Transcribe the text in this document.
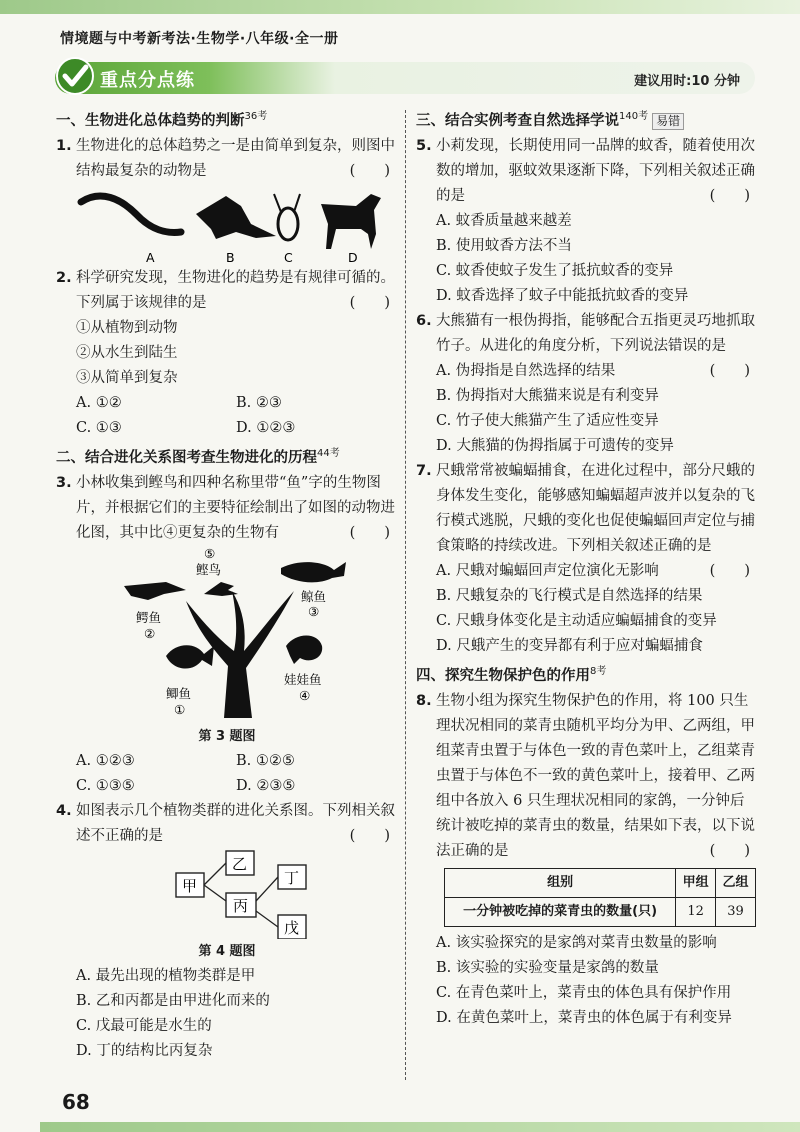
情境题与中考新考法·生物学·八年级·全一册
重点分点练	建议用时:10 分钟
一、生物进化总体趋势的判断$^{36考}$
1. 生物进化的总体趋势之一是由简单到复杂，则图中结构最复杂的动物是	(　　)
A	B	C	D
2. 科学研究发现，生物进化的趋势是有规律可循的。下列属于该规律的是	(　　)
①从植物到动物
②从水生到陆生
③从简单到复杂
A. ①②	B. ②③
C. ①③	D. ①②③
二、结合进化关系图考查生物进化的历程$^{44考}$
3. 小林收集到鲣鸟和四种名称里带“鱼”字的生物图片，并根据它们的主要特征绘制出了如图的动物进化图，其中比④更复杂的生物有	(　　)
⑤
鲣鸟
鲸鱼
③
鳄鱼
②
娃娃鱼
④
鲫鱼
①
第 3 题图
A. ①②③	B. ①②⑤
C. ①③⑤	D. ②③⑤
4. 如图表示几个植物类群的进化关系图。下列相关叙述不正确的是	(　　)
甲
乙
丙
丁
戊
第 4 题图
A. 最先出现的植物类群是甲
B. 乙和丙都是由甲进化而来的
C. 戊最可能是水生的
D. 丁的结构比丙复杂
三、结合实例考查自然选择学说$^{140考}$ 易错
5. 小莉发现，长期使用同一品牌的蚊香，随着使用次数的增加，驱蚊效果逐渐下降，下列相关叙述正确的是	(　　)
A. 蚊香质量越来越差
B. 使用蚊香方法不当
C. 蚊香使蚊子发生了抵抗蚊香的变异
D. 蚊香选择了蚊子中能抵抗蚊香的变异
6. 大熊猫有一根伪拇指，能够配合五指更灵巧地抓取竹子。从进化的角度分析，下列说法错误的是
(　　)
A. 伪拇指是自然选择的结果
B. 伪拇指对大熊猫来说是有利变异
C. 竹子使大熊猫产生了适应性变异
D. 大熊猫的伪拇指属于可遗传的变异
7. 尺蛾常常被蝙蝠捕食，在进化过程中，部分尺蛾的身体发生变化，能够感知蝙蝠超声波并以复杂的飞行模式逃脱，尺蛾的变化也促使蝙蝠回声定位与捕食策略的持续改进。下列相关叙述正确的是
(　　)
A. 尺蛾对蝙蝠回声定位演化无影响
B. 尺蛾复杂的飞行模式是自然选择的结果
C. 尺蛾身体变化是主动适应蝙蝠捕食的变异
D. 尺蛾产生的变异都有利于应对蝙蝠捕食
四、探究生物保护色的作用$^{8考}$
8. 生物小组为探究生物保护色的作用，将 100 只生理状况相同的菜青虫随机平均分为甲、乙两组，甲组菜青虫置于与体色一致的青色菜叶上，乙组菜青虫置于与体色不一致的黄色菜叶上，接着甲、乙两组中各放入 6 只生理状况相同的家鸽，一分钟后统计被吃掉的菜青虫的数量，结果如下表，以下说法正确的是	(　　)
组别	甲组	乙组
一分钟被吃掉的菜青虫的数量(只)	12	39
A. 该实验探究的是家鸽对菜青虫数量的影响
B. 该实验的实验变量是家鸽的数量
C. 在青色菜叶上，菜青虫的体色具有保护作用
D. 在黄色菜叶上，菜青虫的体色属于有利变异
68
